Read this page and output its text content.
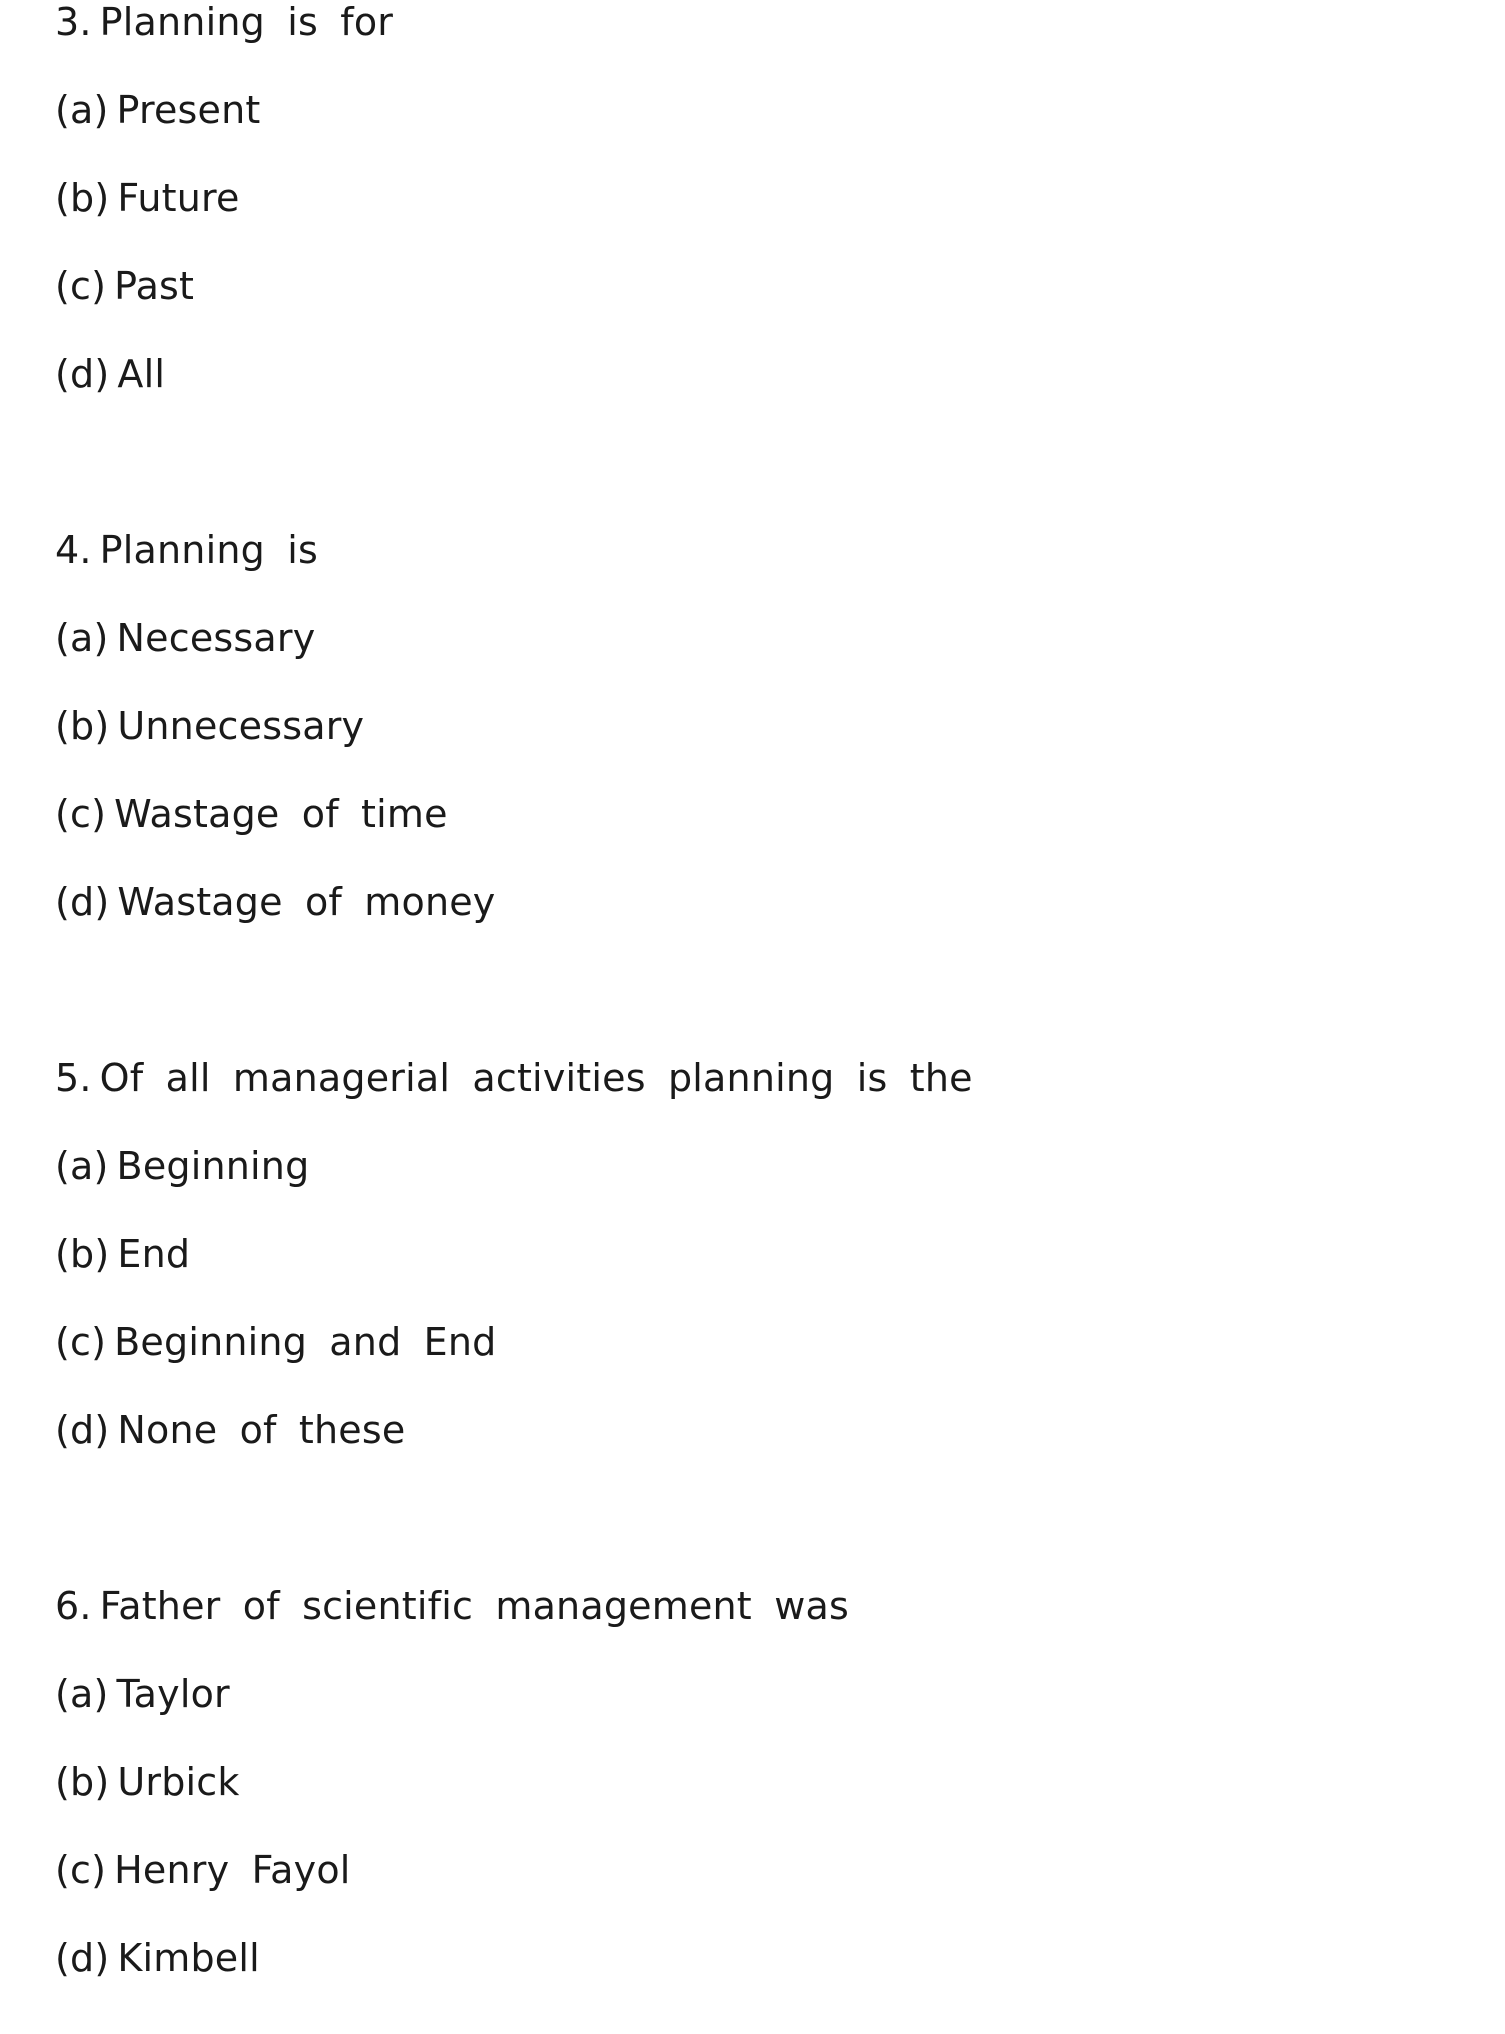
3. Planning is for
(a) Present
(b) Future
(c) Past
(d) All
4. Planning is
(a) Necessary
(b) Unnecessary
(c) Wastage of time
(d) Wastage of money
5. Of all managerial activities planning is the
(a) Beginning
(b) End
(c) Beginning and End
(d) None of these
6. Father of scientific management was
(a) Taylor
(b) Urbick
(c) Henry Fayol
(d) Kimbell
